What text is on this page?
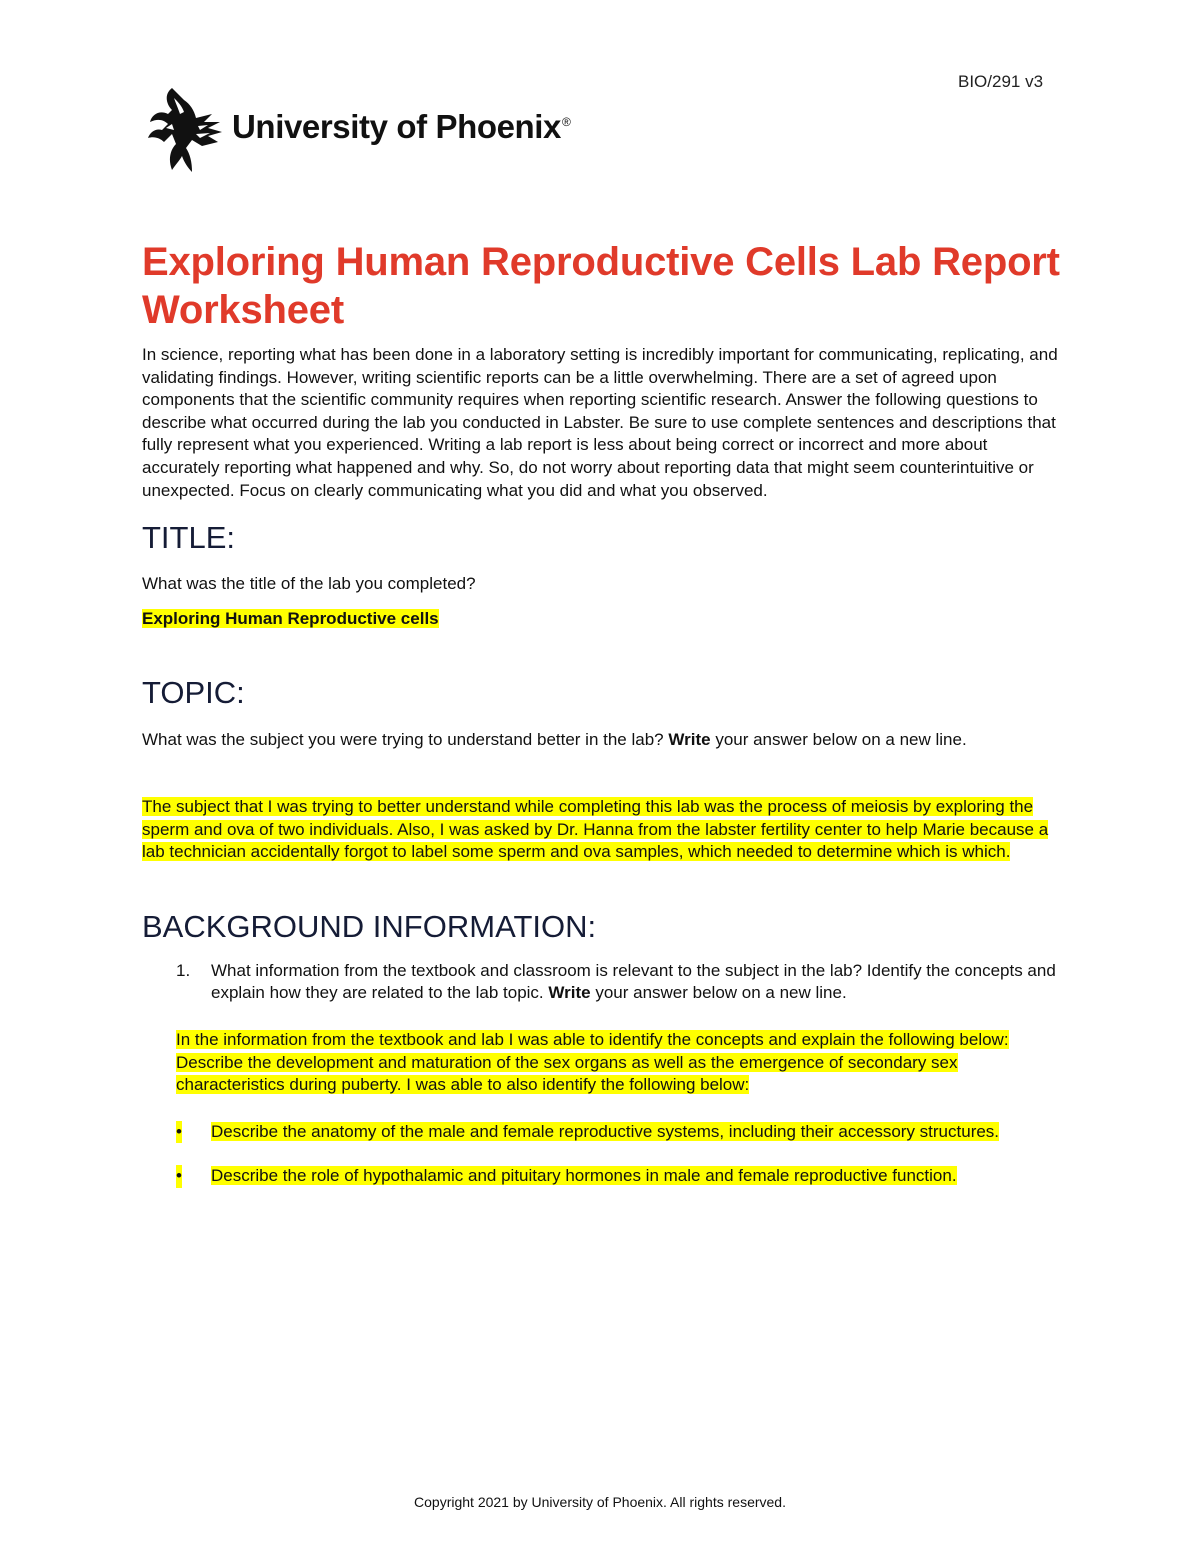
BIO/291 v3
University of Phoenix®
Exploring Human Reproductive Cells Lab Report Worksheet

In science, reporting what has been done in a laboratory setting is incredibly important for communicating, replicating, and validating findings. However, writing scientific reports can be a little overwhelming. There are a set of agreed upon components that the scientific community requires when reporting scientific research. Answer the following questions to describe what occurred during the lab you conducted in Labster. Be sure to use complete sentences and descriptions that fully represent what you experienced. Writing a lab report is less about being correct or incorrect and more about accurately reporting what happened and why. So, do not worry about reporting data that might seem counterintuitive or unexpected. Focus on clearly communicating what you did and what you observed.

TITLE:

What was the title of the lab you completed?

Exploring Human Reproductive cells

TOPIC:

What was the subject you were trying to understand better in the lab? Write your answer below on a new line.

The subject that I was trying to better understand while completing this lab was the process of meiosis by exploring the sperm and ova of two individuals. Also, I was asked by Dr. Hanna from the labster fertility center to help Marie because a lab technician accidentally forgot to label some sperm and ova samples, which needed to determine which is which.

BACKGROUND INFORMATION:
1. What information from the textbook and classroom is relevant to the subject in the lab? Identify the concepts and explain how they are related to the lab topic. Write your answer below on a new line.

In the information from the textbook and lab I was able to identify the concepts and explain the following below: Describe the development and maturation of the sex organs as well as the emergence of secondary sex characteristics during puberty. I was able to also identify the following below:

• Describe the anatomy of the male and female reproductive systems, including their accessory structures.
• Describe the role of hypothalamic and pituitary hormones in male and female reproductive function.
Copyright 2021 by University of Phoenix. All rights reserved.
